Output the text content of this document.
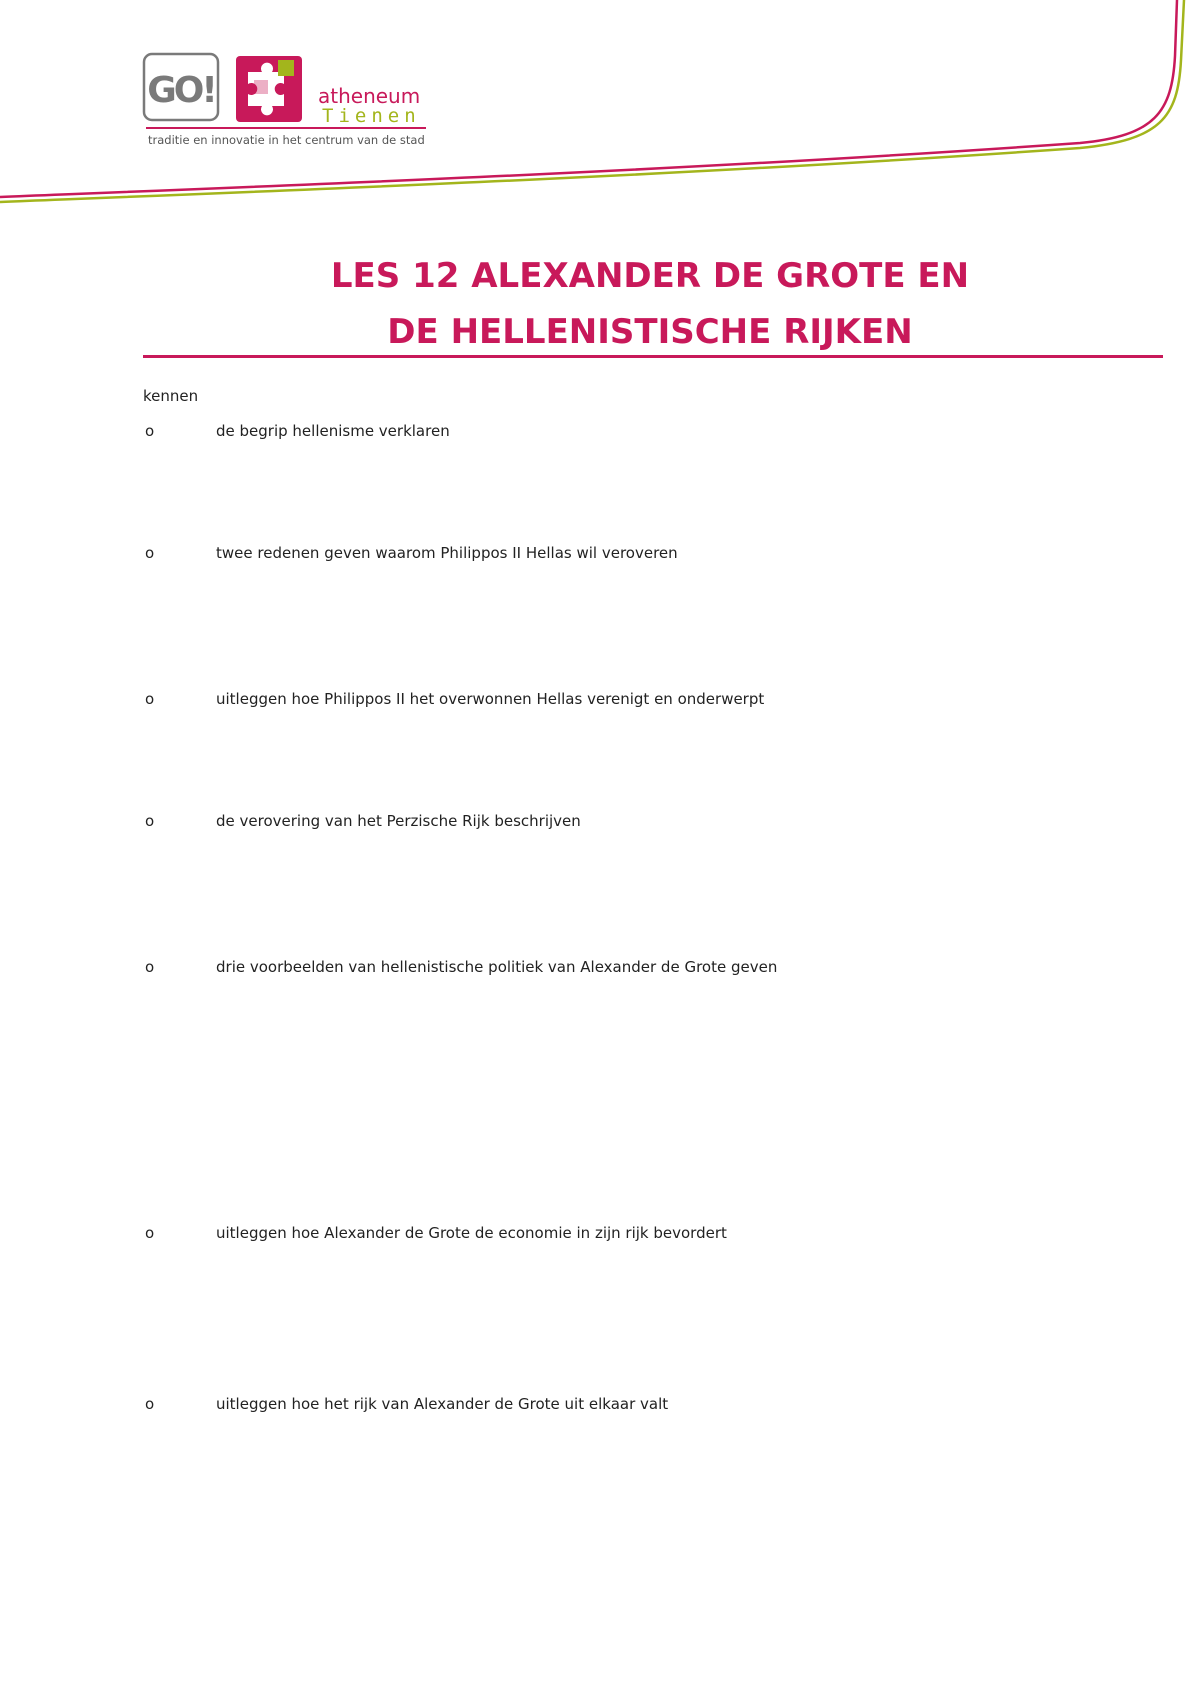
GO!	atheneum
Tienen
traditie en innovatie in het centrum van de stad
LES 12 ALEXANDER DE GROTE EN
DE HELLENISTISCHE RIJKEN
kennen
o	de begrip hellenisme verklaren
o	twee redenen geven waarom Philippos II Hellas wil veroveren
o	uitleggen hoe Philippos II het overwonnen Hellas verenigt en onderwerpt
o	de verovering van het Perzische Rijk beschrijven
o	drie voorbeelden van hellenistische politiek van Alexander de Grote geven
o	uitleggen hoe Alexander de Grote de economie in zijn rijk bevordert
o	uitleggen hoe het rijk van Alexander de Grote uit elkaar valt
